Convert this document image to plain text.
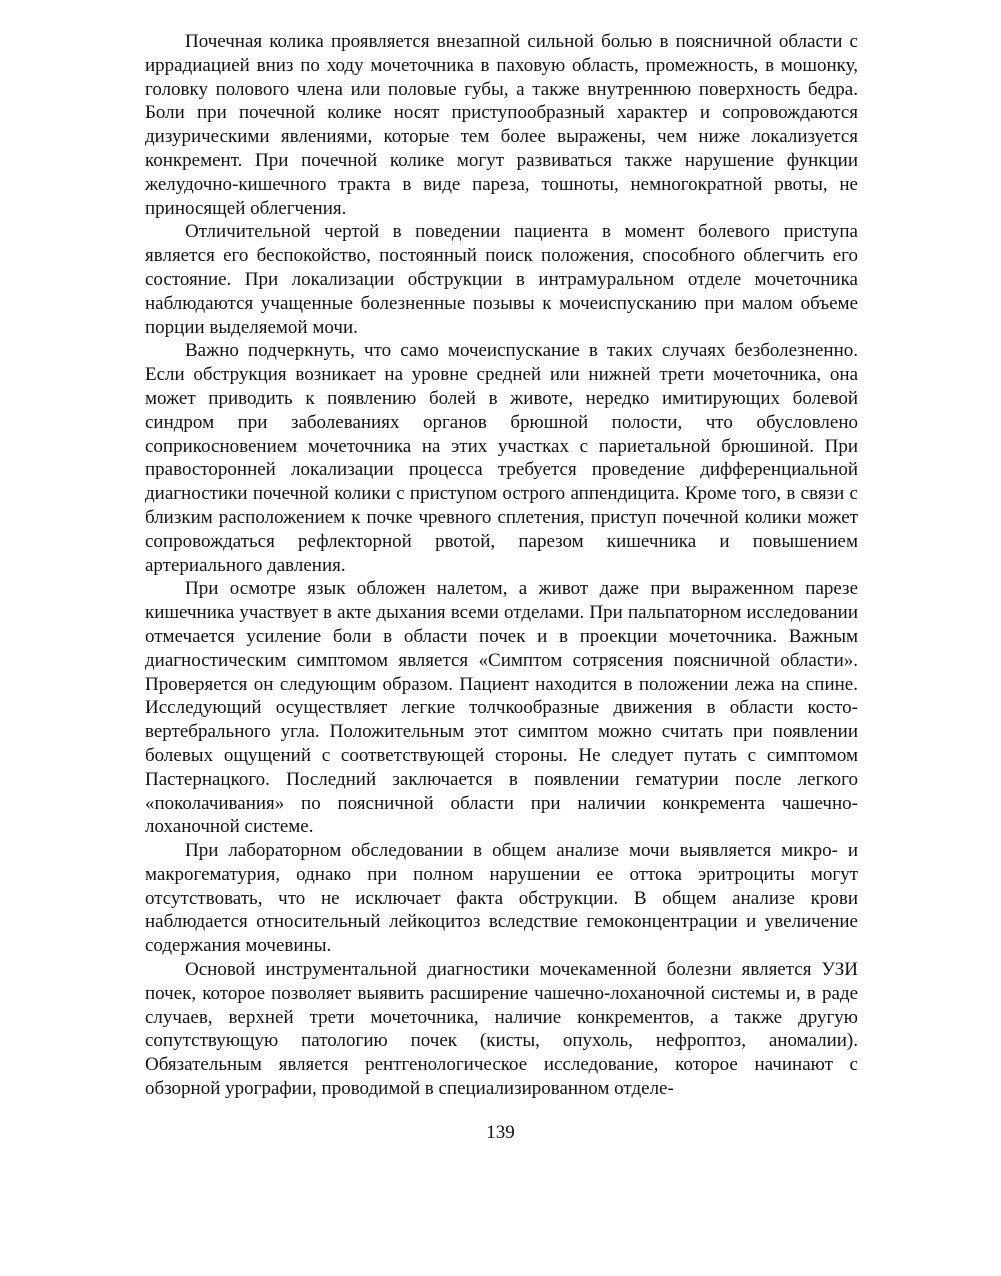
Почечная колика проявляется внезапной сильной болью в поясничной области с иррадиацией вниз по ходу мочеточника в паховую область, промежность, в мошонку, головку полового члена или половые губы, а также внутреннюю поверхность бедра. Боли при почечной колике носят приступообразный характер и сопровождаются дизурическими явлениями, которые тем более выражены, чем ниже локализуется конкремент. При почечной колике могут развиваться также нарушение функции желудочно-кишечного тракта в виде пареза, тошноты, немногократной рвоты, не приносящей облегчения.

Отличительной чертой в поведении пациента в момент болевого приступа является его беспокойство, постоянный поиск положения, способного облегчить его состояние. При локализации обструкции в интрамуральном отделе мочеточника наблюдаются учащенные болезненные позывы к мочеиспусканию при малом объеме порции выделяемой мочи.

Важно подчеркнуть, что само мочеиспускание в таких случаях безболезненно. Если обструкция возникает на уровне средней или нижней трети мочеточника, она может приводить к появлению болей в животе, нередко имитирующих болевой синдром при заболеваниях органов брюшной полости, что обусловлено соприкосновением мочеточника на этих участках с париетальной брюшиной. При правосторонней локализации процесса требуется проведение дифференциальной диагностики почечной колики с приступом острого аппендицита. Кроме того, в связи с близким расположением к почке чревного сплетения, приступ почечной колики может сопровождаться рефлекторной рвотой, парезом кишечника и повышением артериального давления.

При осмотре язык обложен налетом, а живот даже при выраженном парезе кишечника участвует в акте дыхания всеми отделами. При пальпаторном исследовании отмечается усиление боли в области почек и в проекции мочеточника. Важным диагностическим симптомом является «Симптом сотрясения поясничной области». Проверяется он следующим образом. Пациент находится в положении лежа на спине. Исследующий осуществляет легкие толчкообразные движения в области косто-вертебрального угла. Положительным этот симптом можно считать при появлении болевых ощущений с соответствующей стороны. Не следует путать с симптомом Пастернацкого. Последний заключается в появлении гематурии после легкого «поколачивания» по поясничной области при наличии конкремента чашечно-лоханочной системе.

При лабораторном обследовании в общем анализе мочи выявляется микро- и макрогематурия, однако при полном нарушении ее оттока эритроциты могут отсутствовать, что не исключает факта обструкции. В общем анализе крови наблюдается относительный лейкоцитоз вследствие гемоконцентрации и увеличение содержания мочевины.

Основой инструментальной диагностики мочекаменной болезни является УЗИ почек, которое позволяет выявить расширение чашечно-лоханочной системы и, в раде случаев, верхней трети мочеточника, наличие конкрементов, а также другую сопутствующую патологию почек (кисты, опухоль, нефроптоз, аномалии). Обязательным является рентгенологическое исследование, которое начинают с обзорной урографии, проводимой в специализированном отделе-

139
